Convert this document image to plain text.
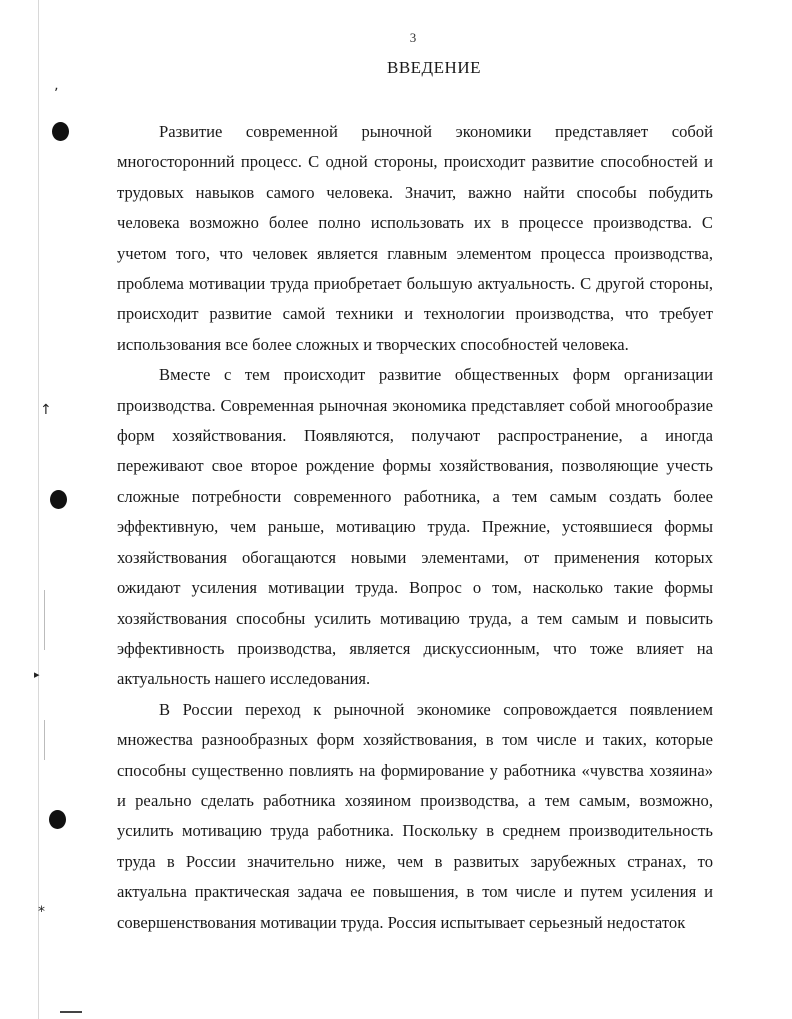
ʼ
↑
▸
*
3
ВВЕДЕНИЕ

Развитие современной рыночной экономики представляет собой многосторонний процесс. С одной стороны, происходит развитие способностей и трудовых навыков самого человека. Значит, важно найти способы побудить человека возможно более полно использовать их в процессе производства. С учетом того, что человек является главным элементом процесса производства, проблема мотивации труда приобретает большую актуальность. С другой стороны, происходит развитие самой техники и технологии производства, что требует использования все более сложных и творческих способностей человека.

Вместе с тем происходит развитие общественных форм организации производства. Современная рыночная экономика представляет собой многообразие форм хозяйствования. Появляются, получают распространение, а иногда переживают свое второе рождение формы хозяйствования, позволяющие учесть сложные потребности современного работника, а тем самым создать более эффективную, чем раньше, мотивацию труда. Прежние, устоявшиеся формы хозяйствования обогащаются новыми элементами, от применения которых ожидают усиления мотивации труда. Вопрос о том, насколько такие формы хозяйствования способны усилить мотивацию труда, а тем самым и повысить эффективность производства, является дискуссионным, что тоже влияет на актуальность нашего исследования.

В России переход к рыночной экономике сопровождается появлением множества разнообразных форм хозяйствования, в том числе и таких, которые способны существенно повлиять на формирование у работника «чувства хозяина» и реально сделать работника хозяином производства, а тем самым, возможно, усилить мотивацию труда работника. Поскольку в среднем производительность труда в России значительно ниже, чем в развитых зарубежных странах, то актуальна практическая задача ее повышения, в том числе и путем усиления и совершенствования мотивации труда. Россия испытывает серьезный недостаток
